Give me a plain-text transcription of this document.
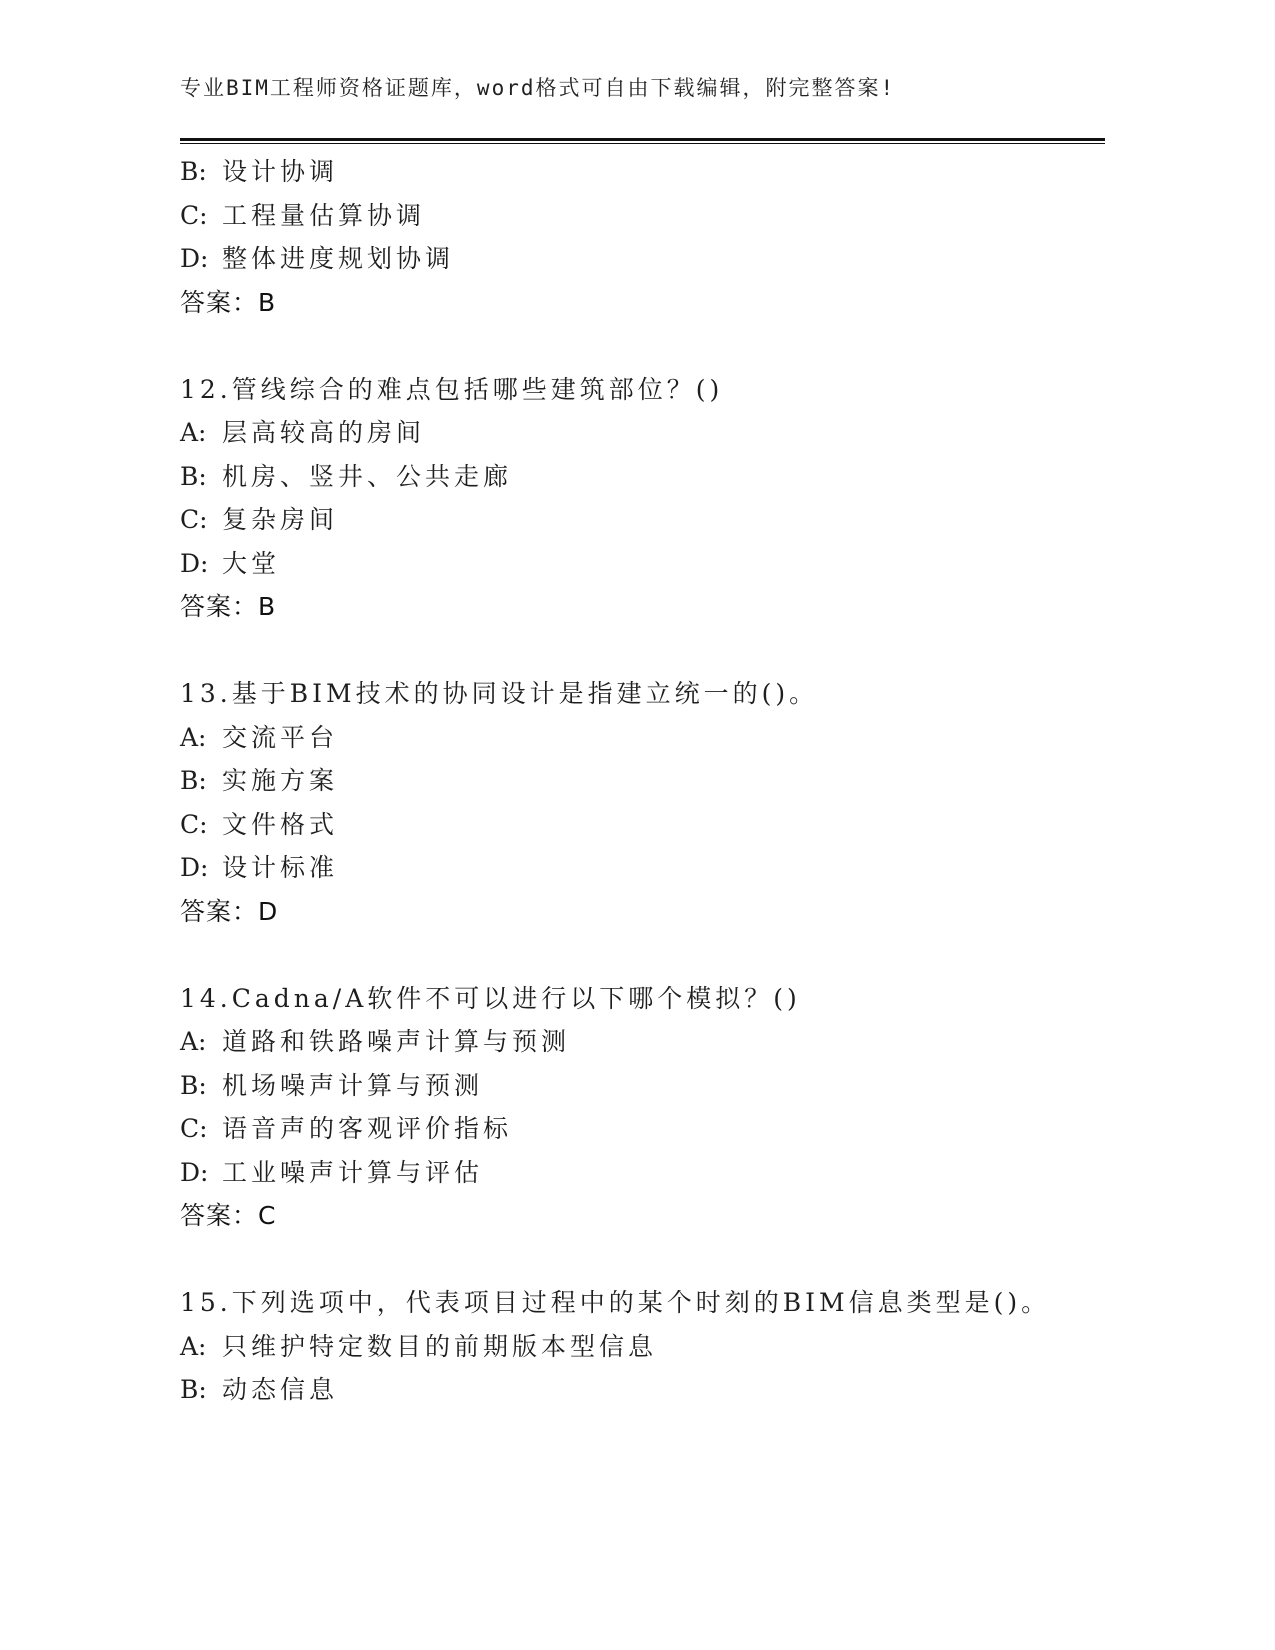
专业BIM工程师资格证题库，word格式可自由下载编辑，附完整答案!
B: 设计协调
C: 工程量估算协调
D: 整体进度规划协调
答案：B
12.管线综合的难点包括哪些建筑部位？()
A: 层高较高的房间
B: 机房、竖井、公共走廊
C: 复杂房间
D: 大堂
答案：B
13.基于BIM技术的协同设计是指建立统一的()。
A: 交流平台
B: 实施方案
C: 文件格式
D: 设计标准
答案：D
14.Cadna/A软件不可以进行以下哪个模拟？()
A: 道路和铁路噪声计算与预测
B: 机场噪声计算与预测
C: 语音声的客观评价指标
D: 工业噪声计算与评估
答案：C
15.下列选项中，代表项目过程中的某个时刻的BIM信息类型是()。
A: 只维护特定数目的前期版本型信息
B: 动态信息
